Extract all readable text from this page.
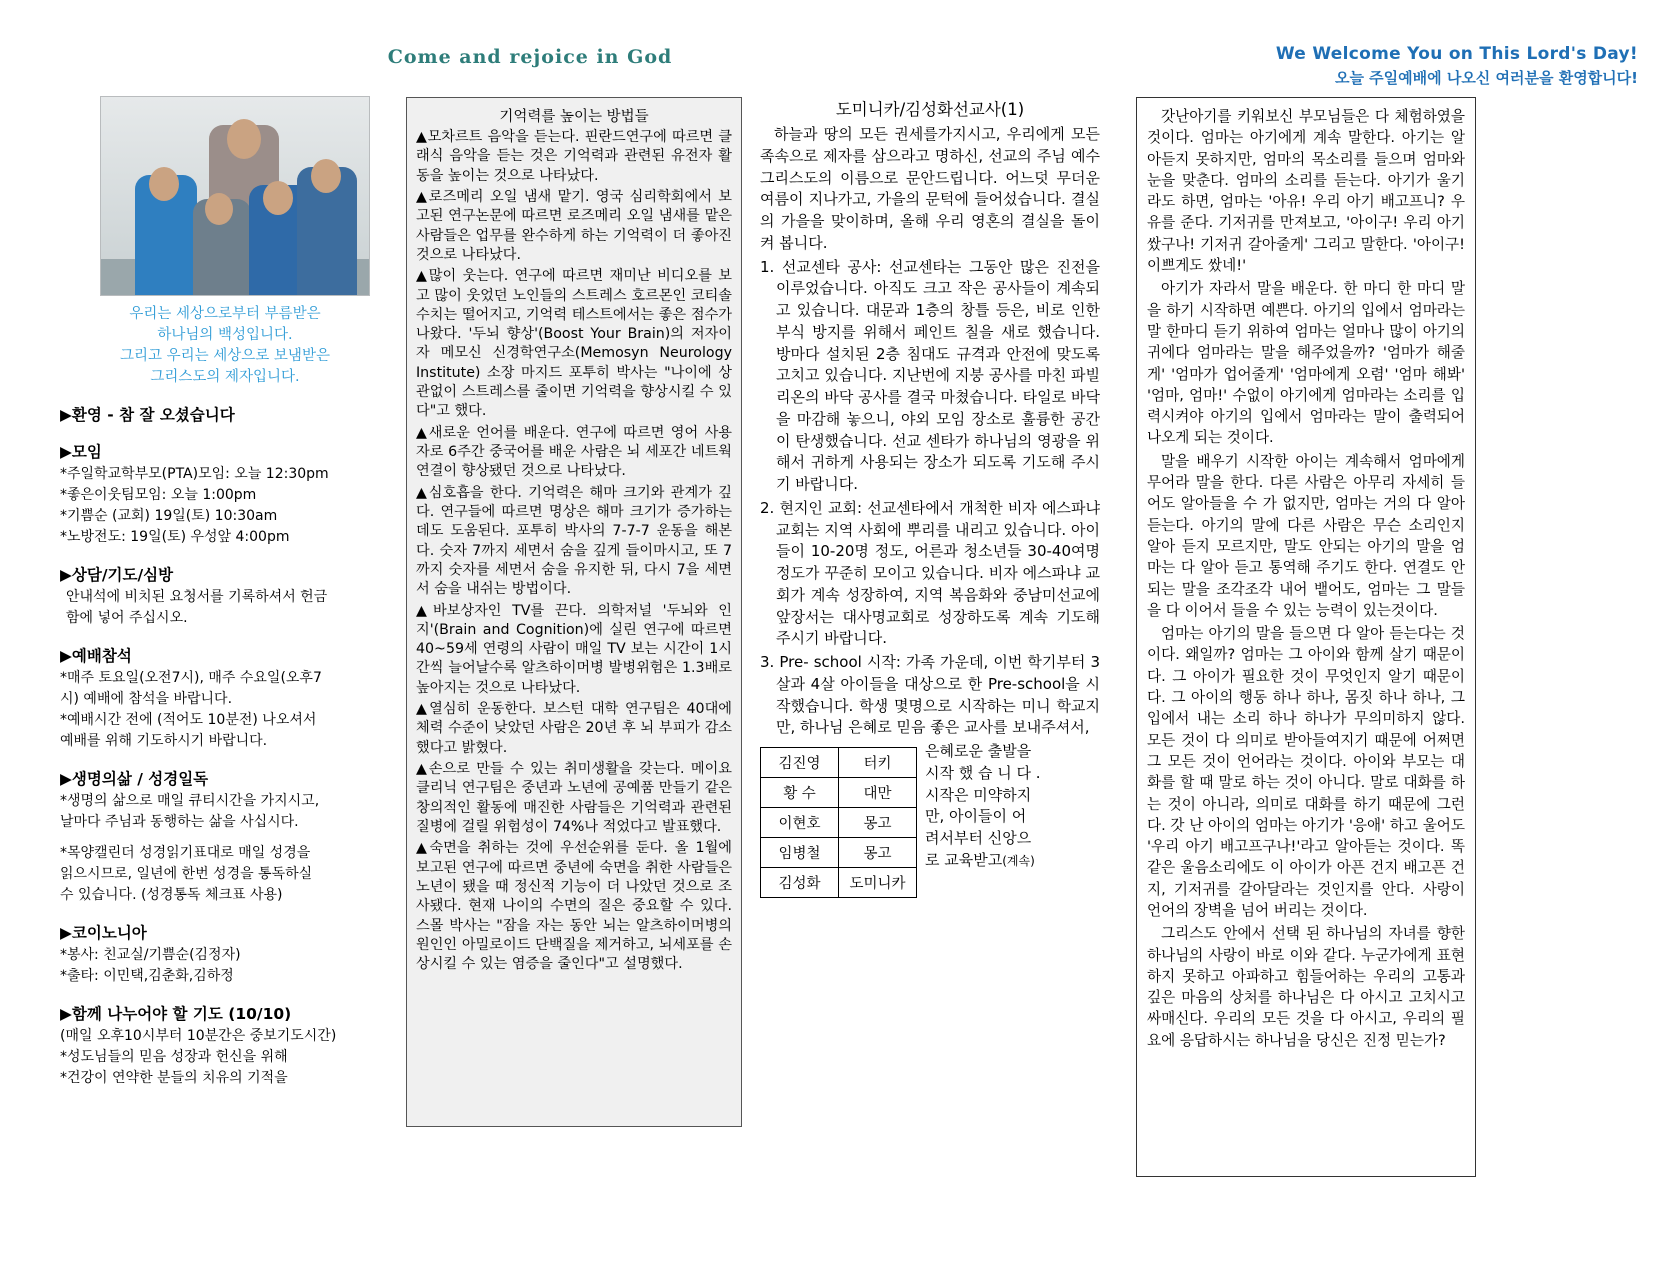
Come and rejoice in God	We Welcome You on This Lord's Day!
오늘 주일예배에 나오신 여러분을 환영합니다!
우리는 세상으로부터 부름받은
하나님의 백성입니다.
그리고 우리는 세상으로 보냄받은
그리스도의 제자입니다.
▶환영 - 참 잘 오셨습니다
▶모임
*주일학교학부모(PTA)모임: 오늘 12:30pm
*좋은이웃팀모임: 오늘 1:00pm
*기쁨순 (교회) 19일(토) 10:30am
*노방전도: 19일(토) 우성앞 4:00pm
▶상담/기도/심방
안내석에 비치된 요청서를 기록하셔서 헌금
함에 넣어 주십시오.
▶예배참석
*매주 토요일(오전7시), 매주 수요일(오후7
시) 예배에 참석을 바랍니다.
*예배시간 전에 (적어도 10분전) 나오셔서
예배를 위해 기도하시기 바랍니다.
▶생명의삶 / 성경일독
*생명의 삶으로 매일 큐티시간을 가지시고,
날마다 주님과 동행하는 삶을 사십시다.
*목양캘린더 성경읽기표대로 매일 성경을
읽으시므로, 일년에 한번 성경을 통독하실
수 있습니다. (성경통독 체크표 사용)
▶코이노니아
*봉사: 친교실/기쁨순(김정자)
*출타: 이민택,김춘화,김하정
▶함께 나누어야 할 기도 (10/10)
(매일 오후10시부터 10분간은 중보기도시간)
*성도님들의 믿음 성장과 헌신을 위해
*건강이 연약한 분들의 치유의 기적을
기억력를 높이는 방법들

▲모차르트 음악을 듣는다. 핀란드연구에 따르면 클래식 음악을 듣는 것은 기억력과 관련된 유전자 활동을 높이는 것으로 나타났다.

▲로즈메리 오일 냄새 맡기. 영국 심리학회에서 보고된 연구논문에 따르면 로즈메리 오일 냄새를 맡은 사람들은 업무를 완수하게 하는 기억력이 더 좋아진 것으로 나타났다.

▲많이 웃는다. 연구에 따르면 재미난 비디오를 보고 많이 웃었던 노인들의 스트레스 호르몬인 코티솔 수치는 떨어지고, 기억력 테스트에서는 좋은 점수가 나왔다. '두뇌 향상'(Boost Your Brain)의 저자이자 메모신 신경학연구소(Memosyn Neurology Institute) 소장 마지드 포투히 박사는 "나이에 상관없이 스트레스를 줄이면 기억력을 향상시킬 수 있다"고 했다.

▲새로운 언어를 배운다. 연구에 따르면 영어 사용자로 6주간 중국어를 배운 사람은 뇌 세포간 네트웍 연결이 향상됐던 것으로 나타났다.

▲심호흡을 한다. 기억력은 해마 크기와 관계가 깊다. 연구들에 따르면 명상은 해마 크기가 증가하는데도 도움된다. 포투히 박사의 7-7-7 운동을 해본다. 숫자 7까지 세면서 숨을 깊게 들이마시고, 또 7까지 숫자를 세면서 숨을 유지한 뒤, 다시 7을 세면서 숨을 내쉬는 방법이다.

▲바보상자인 TV를 끈다. 의학저널 '두뇌와 인지'(Brain and Cognition)에 실린 연구에 따르면 40~59세 연령의 사람이 매일 TV 보는 시간이 1시간씩 늘어날수록 알츠하이머병 발병위험은 1.3배로 높아지는 것으로 나타났다.

▲열심히 운동한다. 보스턴 대학 연구팀은 40대에 체력 수준이 낮았던 사람은 20년 후 뇌 부피가 감소했다고 밝혔다.

▲손으로 만들 수 있는 취미생활을 갖는다. 메이요 클리닉 연구팀은 중년과 노년에 공예품 만들기 같은 창의적인 활동에 매진한 사람들은 기억력과 관련된 질병에 걸릴 위험성이 74%나 적었다고 발표했다.

▲숙면을 취하는 것에 우선순위를 둔다. 올 1월에 보고된 연구에 따르면 중년에 숙면을 취한 사람들은 노년이 됐을 때 정신적 기능이 더 나았던 것으로 조사됐다. 현재 나이의 수면의 질은 중요할 수 있다. 스몰 박사는 "잠을 자는 동안 뇌는 알츠하이머병의 원인인 아밀로이드 단백질을 제거하고, 뇌세포를 손상시킬 수 있는 염증을 줄인다"고 설명했다.

도미니카/김성화선교사(1)

하늘과 땅의 모든 권세를가지시고, 우리에게 모든 족속으로 제자를 삼으라고 명하신, 선교의 주님 예수 그리스도의 이름으로 문안드립니다. 어느덧 무더운 여름이 지나가고, 가을의 문턱에 들어섰습니다. 결실의 가을을 맞이하며, 올해 우리 영혼의 결실을 돌이켜 봅니다.

1. 선교센타 공사: 선교센타는 그동안 많은 진전을 이루었습니다. 아직도 크고 작은 공사들이 계속되고 있습니다. 대문과 1층의 창틀 등은, 비로 인한 부식 방지를 위해서 페인트 칠을 새로 했습니다. 방마다 설치된 2층 침대도 규격과 안전에 맞도록 고치고 있습니다. 지난번에 지붕 공사를 마친 파빌리온의 바닥 공사를 결국 마쳤습니다. 타일로 바닥을 마감해 놓으니, 야외 모임 장소로 훌륭한 공간이 탄생했습니다. 선교 센타가 하나님의 영광을 위해서 귀하게 사용되는 장소가 되도록 기도해 주시기 바랍니다.

2. 현지인 교회: 선교센타에서 개척한 비자 에스파냐 교회는 지역 사회에 뿌리를 내리고 있습니다. 아이들이 10-20명 정도, 어른과 청소년들 30-40여명 정도가 꾸준히 모이고 있습니다. 비자 에스파냐 교회가 계속 성장하여, 지역 복음화와 중남미선교에 앞장서는 대사명교회로 성장하도록 계속 기도해 주시기 바랍니다.

3. Pre- school 시작: 가족 가운데, 이번 학기부터 3살과 4살 아이들을 대상으로 한 Pre-school을 시작했습니다. 학생 몇명으로 시작하는 미니 학교지만, 하나님 은혜로 믿음 좋은 교사를 보내주셔서,

김진영	터키
황 수	대만
이현호	몽고
임병철	몽고
김성화	도미니카
은혜로운 출발을
시작 했 습 니 다 .
시작은 미약하지
만, 아이들이 어
려서부터 신앙으
로 교육받고(계속)

갓난아기를 키워보신 부모님들은 다 체험하였을 것이다. 엄마는 아기에게 계속 말한다. 아기는 알아듣지 못하지만, 엄마의 목소리를 들으며 엄마와 눈을 맞춘다. 엄마의 소리를 듣는다. 아기가 울기라도 하면, 엄마는 '아유! 우리 아기 배고프니? 우유를 준다. 기저귀를 만져보고, '아이구! 우리 아기 쌌구나! 기저귀 갈아줄게' 그리고 말한다. '아이구! 이쁘게도 쌌네!'

아기가 자라서 말을 배운다. 한 마디 한 마디 말을 하기 시작하면 예쁜다. 아기의 입에서 엄마라는 말 한마디 듣기 위하여 엄마는 얼마나 많이 아기의 귀에다 엄마라는 말을 해주었을까? '엄마가 해줄게' '엄마가 업어줄게' '엄마에게 오렴' '엄마 해봐' '엄마, 엄마!' 수없이 아기에게 엄마라는 소리를 입력시켜야 아기의 입에서 엄마라는 말이 출력되어 나오게 되는 것이다.

말을 배우기 시작한 아이는 계속해서 엄마에게 무어라 말을 한다. 다른 사람은 아무리 자세히 들어도 알아들을 수 가 없지만, 엄마는 거의 다 알아듣는다. 아기의 말에 다른 사람은 무슨 소리인지 알아 듣지 모르지만, 말도 안되는 아기의 말을 엄마는 다 알아 듣고 통역해 주기도 한다. 연결도 안되는 말을 조각조각 내어 뱉어도, 엄마는 그 말들을 다 이어서 들을 수 있는 능력이 있는것이다.

엄마는 아기의 말을 들으면 다 알아 듣는다는 것이다. 왜일까? 엄마는 그 아이와 함께 살기 때문이다. 그 아이가 필요한 것이 무엇인지 알기 때문이다. 그 아이의 행동 하나 하나, 몸짓 하나 하나, 그 입에서 내는 소리 하나 하나가 무의미하지 않다. 모든 것이 다 의미로 받아들여지기 때문에 어쩌면 그 모든 것이 언어라는 것이다. 아이와 부모는 대화를 할 때 말로 하는 것이 아니다. 말로 대화를 하는 것이 아니라, 의미로 대화를 하기 때문에 그런다. 갓 난 아이의 엄마는 아기가 '응애' 하고 울어도 '우리 아기 배고프구나!'라고 알아듣는 것이다. 똑같은 울음소리에도 이 아이가 아픈 건지 배고픈 건지, 기저귀를 갈아달라는 것인지를 안다. 사랑이 언어의 장벽을 넘어 버리는 것이다.

그리스도 안에서 선택 된 하나님의 자녀를 향한 하나님의 사랑이 바로 이와 같다. 누군가에게 표현하지 못하고 아파하고 힘들어하는 우리의 고통과 깊은 마음의 상처를 하나님은 다 아시고 고치시고 싸매신다. 우리의 모든 것을 다 아시고, 우리의 필요에 응답하시는 하나님을 당신은 진정 믿는가?
